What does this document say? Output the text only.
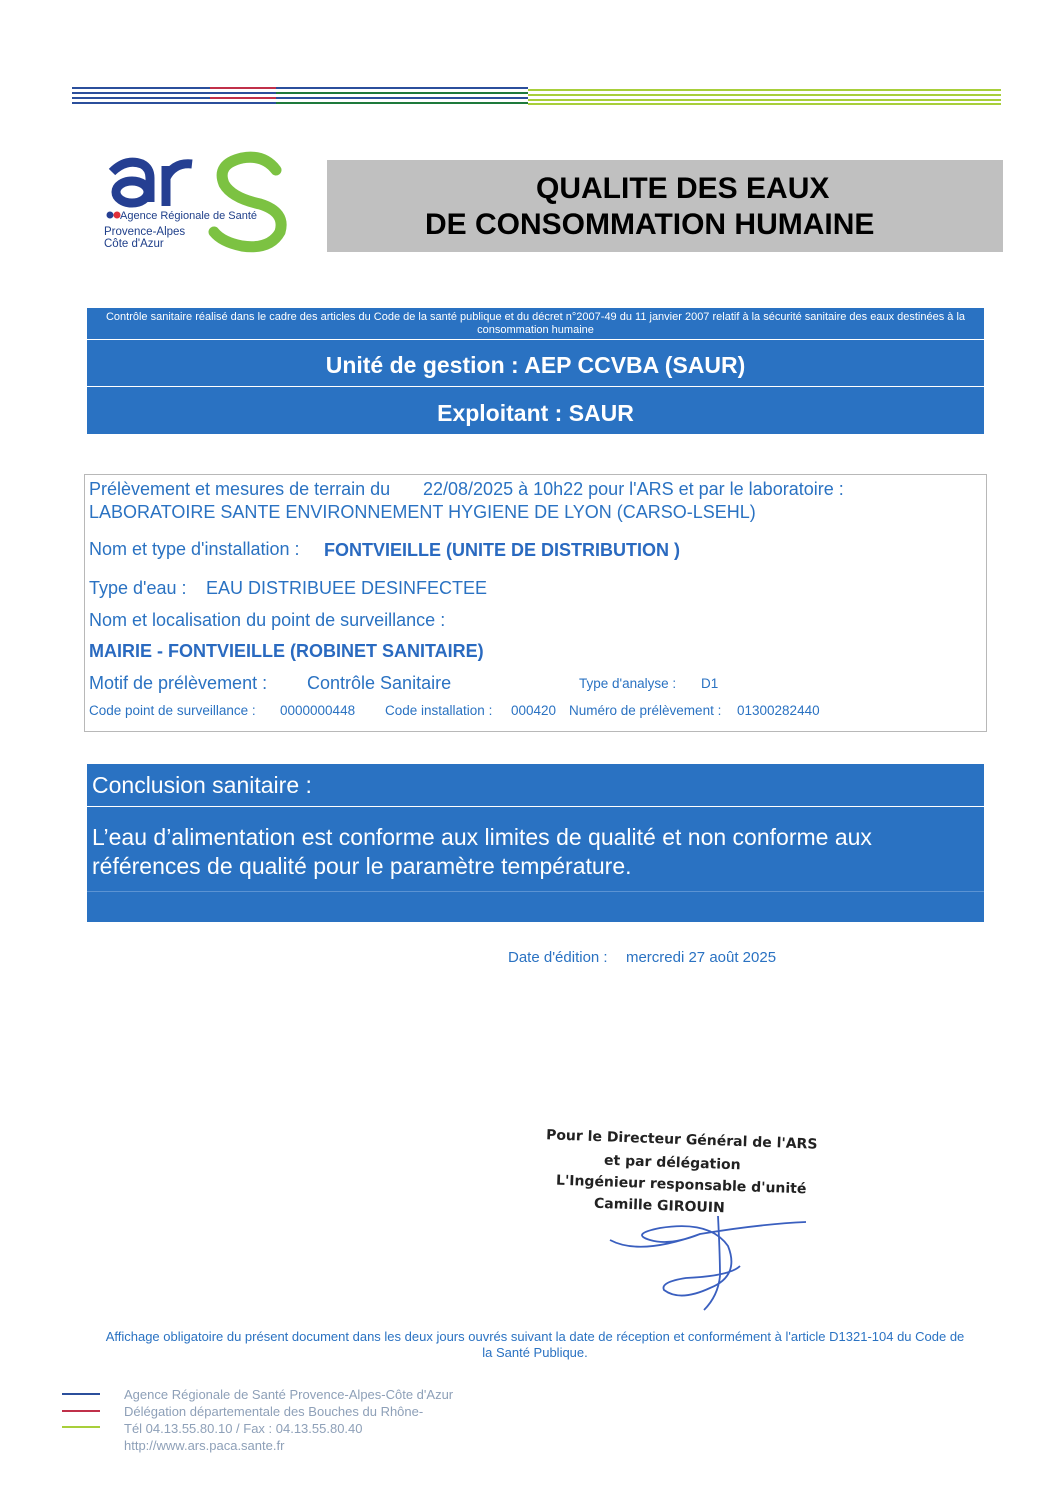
Agence Régionale de Santé
Provence-Alpes
Côte d'Azur
QUALITE DES EAUX
DE CONSOMMATION HUMAINE
Contrôle sanitaire réalisé dans le cadre des articles du Code de la santé publique et du décret n°2007-49 du 11 janvier 2007 relatif à la sécurité sanitaire des eaux destinées à la consommation humaine
Unité de gestion : AEP CCVBA (SAUR)
Exploitant : SAUR
Prélèvement et mesures de terrain du 22/08/2025 à 10h22 pour l'ARS et par le laboratoire :
LABORATOIRE SANTE ENVIRONNEMENT HYGIENE DE LYON (CARSO-LSEHL)
Nom et type d'installation : FONTVIEILLE (UNITE DE DISTRIBUTION )
Type d'eau : EAU DISTRIBUEE DESINFECTEE
Nom et localisation du point de surveillance :
MAIRIE - FONTVIEILLE (ROBINET SANITAIRE)
Motif de prélèvement : Contrôle Sanitaire	Type d'analyse : D1
Code point de surveillance : 0000000448 Code installation : 000420 Numéro de prélèvement : 01300282440
Conclusion sanitaire :
L’eau d’alimentation est conforme aux limites de qualité et non conforme aux références de qualité pour le paramètre température.
Date d'édition : mercredi 27 août 2025
Pour le Directeur Général de l'ARS
et par délégation
L'Ingénieur responsable d'unité
Camille GIROUIN
Affichage obligatoire du présent document dans les deux jours ouvrés suivant la date de réception et conformément à l'article D1321-104 du Code de la Santé Publique.
Agence Régionale de Santé Provence-Alpes-Côte d'Azur
Délégation départementale des Bouches du Rhône-
Tél 04.13.55.80.10 / Fax : 04.13.55.80.40
http://www.ars.paca.sante.fr
